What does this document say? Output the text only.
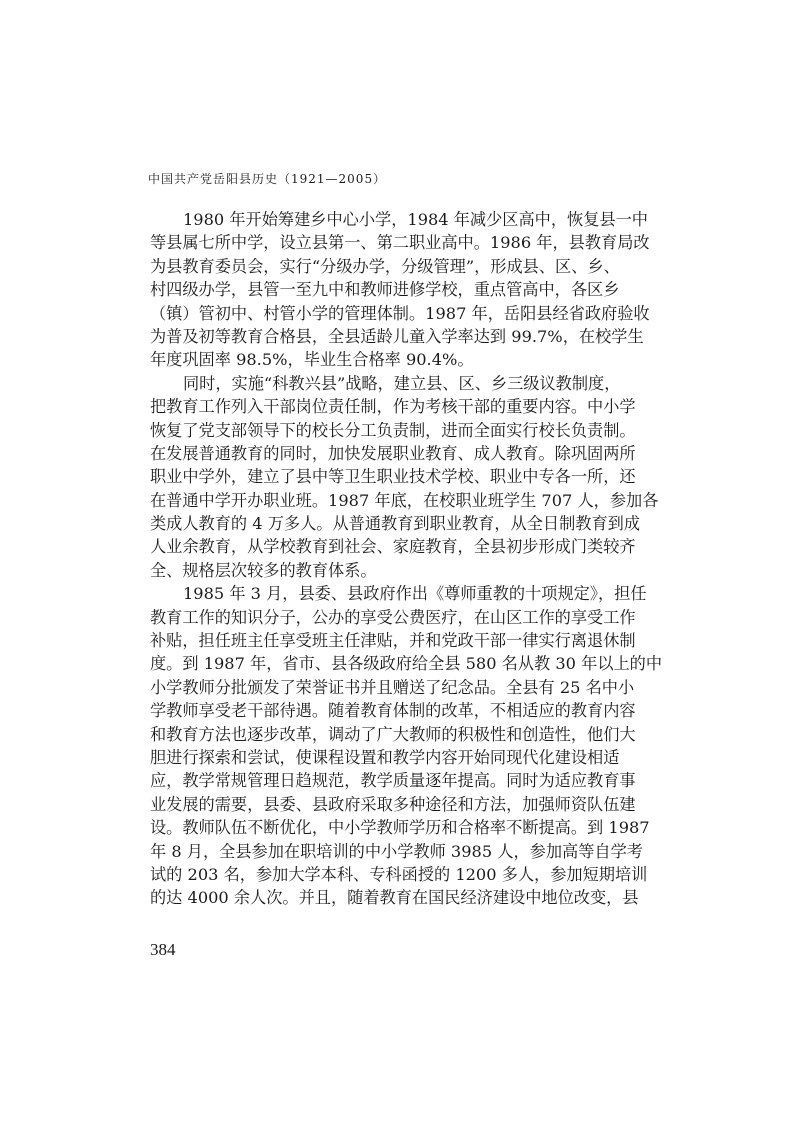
中国共产党岳阳县历史（1921—2005）
1980 年开始筹建乡中心小学，1984 年减少区高中，恢复县一中
等县属七所中学，设立县第一、第二职业高中。1986 年，县教育局改
为县教育委员会，实行“分级办学，分级管理”，形成县、区、乡、
村四级办学，县管一至九中和教师进修学校，重点管高中，各区乡
（镇）管初中、村管小学的管理体制。1987 年，岳阳县经省政府验收
为普及初等教育合格县，全县适龄儿童入学率达到 99.7%，在校学生
年度巩固率 98.5%，毕业生合格率 90.4%。
同时，实施“科教兴县”战略，建立县、区、乡三级议教制度，
把教育工作列入干部岗位责任制，作为考核干部的重要内容。中小学
恢复了党支部领导下的校长分工负责制，进而全面实行校长负责制。
在发展普通教育的同时，加快发展职业教育、成人教育。除巩固两所
职业中学外，建立了县中等卫生职业技术学校、职业中专各一所，还
在普通中学开办职业班。1987 年底，在校职业班学生 707 人，参加各
类成人教育的 4 万多人。从普通教育到职业教育，从全日制教育到成
人业余教育，从学校教育到社会、家庭教育，全县初步形成门类较齐
全、规格层次较多的教育体系。
1985 年 3 月，县委、县政府作出《尊师重教的十项规定》，担任
教育工作的知识分子，公办的享受公费医疗，在山区工作的享受工作
补贴，担任班主任享受班主任津贴，并和党政干部一律实行离退休制
度。到 1987 年，省市、县各级政府给全县 580 名从教 30 年以上的中
小学教师分批颁发了荣誉证书并且赠送了纪念品。全县有 25 名中小
学教师享受老干部待遇。随着教育体制的改革，不相适应的教育内容
和教育方法也逐步改革，调动了广大教师的积极性和创造性，他们大
胆进行探索和尝试，使课程设置和教学内容开始同现代化建设相适
应，教学常规管理日趋规范，教学质量逐年提高。同时为适应教育事
业发展的需要，县委、县政府采取多种途径和方法，加强师资队伍建
设。教师队伍不断优化，中小学教师学历和合格率不断提高。到 1987
年 8 月，全县参加在职培训的中小学教师 3985 人，参加高等自学考
试的 203 名，参加大学本科、专科函授的 1200 多人，参加短期培训
的达 4000 余人次。并且，随着教育在国民经济建设中地位改变，县
384
